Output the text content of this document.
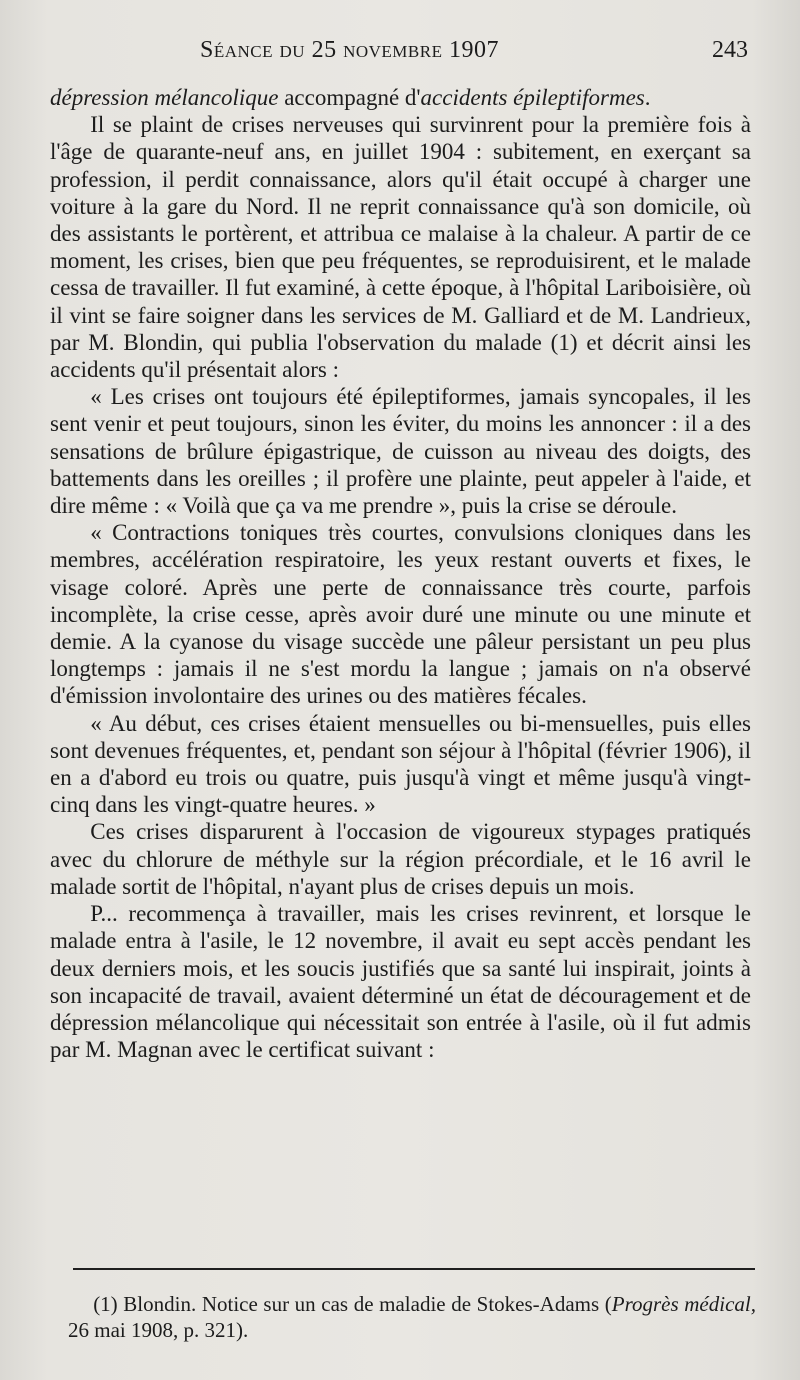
Séance du 25 novembre 1907	243

dépression mélancolique accompagné d'accidents épileptiformes.

Il se plaint de crises nerveuses qui survinrent pour la première fois à l'âge de quarante-neuf ans, en juillet 1904 : subitement, en exerçant sa profession, il perdit connaissance, alors qu'il était occupé à charger une voiture à la gare du Nord. Il ne reprit connaissance qu'à son domicile, où des assistants le portèrent, et attribua ce malaise à la chaleur. A partir de ce moment, les crises, bien que peu fréquentes, se reproduisirent, et le malade cessa de travailler. Il fut examiné, à cette époque, à l'hôpital Lariboisière, où il vint se faire soigner dans les services de M. Galliard et de M. Landrieux, par M. Blondin, qui publia l'observation du malade (1) et décrit ainsi les accidents qu'il présentait alors :

« Les crises ont toujours été épileptiformes, jamais syncopales, il les sent venir et peut toujours, sinon les éviter, du moins les annoncer : il a des sensations de brûlure épigastrique, de cuisson au niveau des doigts, des battements dans les oreilles ; il profère une plainte, peut appeler à l'aide, et dire même : « Voilà que ça va me prendre », puis la crise se déroule.

« Contractions toniques très courtes, convulsions cloniques dans les membres, accélération respiratoire, les yeux restant ouverts et fixes, le visage coloré. Après une perte de connaissance très courte, parfois incomplète, la crise cesse, après avoir duré une minute ou une minute et demie. A la cyanose du visage succède une pâleur persistant un peu plus longtemps : jamais il ne s'est mordu la langue ; jamais on n'a observé d'émission involontaire des urines ou des matières fécales.

« Au début, ces crises étaient mensuelles ou bi-mensuelles, puis elles sont devenues fréquentes, et, pendant son séjour à l'hôpital (février 1906), il en a d'abord eu trois ou quatre, puis jusqu'à vingt et même jusqu'à vingt-cinq dans les vingt-quatre heures. »

Ces crises disparurent à l'occasion de vigoureux stypages pratiqués avec du chlorure de méthyle sur la région précordiale, et le 16 avril le malade sortit de l'hôpital, n'ayant plus de crises depuis un mois.

P... recommença à travailler, mais les crises revinrent, et lorsque le malade entra à l'asile, le 12 novembre, il avait eu sept accès pendant les deux derniers mois, et les soucis justifiés que sa santé lui inspirait, joints à son incapacité de travail, avaient déterminé un état de découragement et de dépression mélancolique qui nécessitait son entrée à l'asile, où il fut admis par M. Magnan avec le certificat suivant :

(1) Blondin. Notice sur un cas de maladie de Stokes-Adams (Progrès médical, 26 mai 1908, p. 321).
